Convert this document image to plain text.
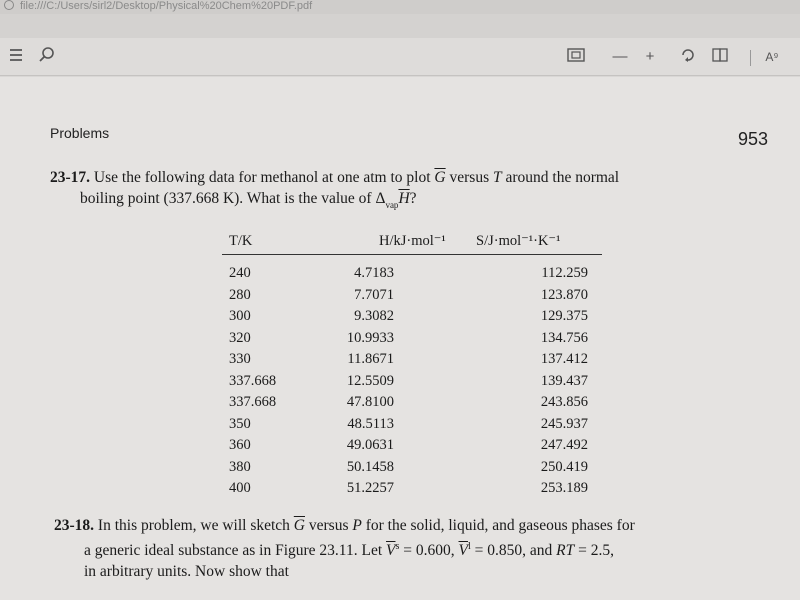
file:///C:/Users/sirl2/Desktop/Physical%20Chem%20PDF.pdf
—	+	A⁹
Problems	953
23-17. Use the following data for methanol at one atm to plot $\overline{G}$ versus T around the normal
boiling point (337.668 K). What is the value of $\Delta_{vap}\overline{H}$?
T/K	H/kJ·mol⁻¹	S/J·mol⁻¹·K⁻¹
240	4.7183	112.259
280	7.7071	123.870
300	9.3082	129.375
320	10.9933	134.756
330	11.8671	137.412
337.668	12.5509	139.437
337.668	47.8100	243.856
350	48.5113	245.937
360	49.0631	247.492
380	50.1458	250.419
400	51.2257	253.189
23-18. In this problem, we will sketch $\overline{G}$ versus P for the solid, liquid, and gaseous phases for
a generic ideal substance as in Figure 23.11. Let $\overline{V}^s = 0.600$, $\overline{V}^l = 0.850$, and RT = 2.5,
in arbitrary units. Now show that
